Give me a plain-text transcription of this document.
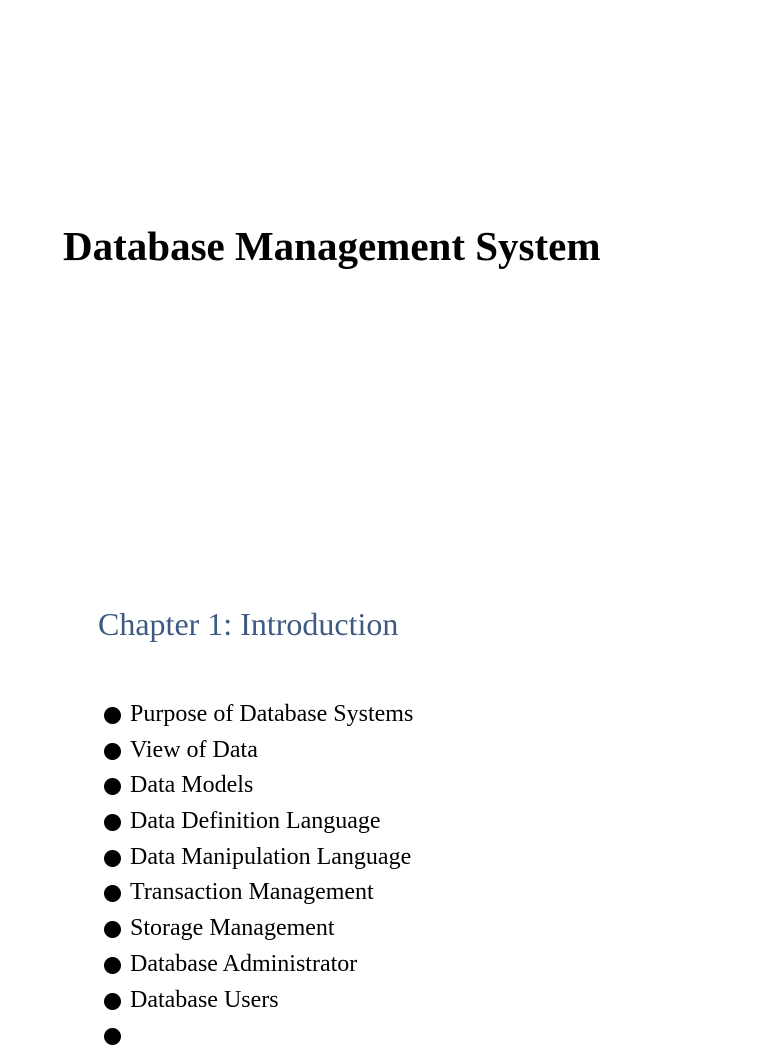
Database Management System
Chapter 1: Introduction
Purpose of Database Systems
View of Data
Data Models
Data Definition Language
Data Manipulation Language
Transaction Management
Storage Management
Database Administrator
Database Users
